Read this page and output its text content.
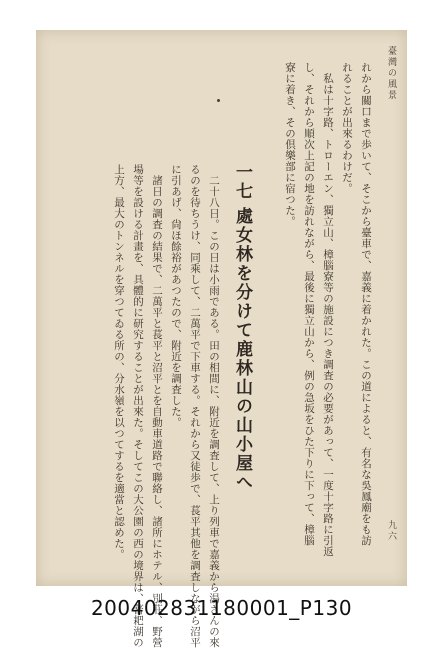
臺灣の風景
九六
れから關口まで歩いて、そこから臺車で、嘉義に着かれた。この道によると、有名な吳鳳廟をも訪
れることが出來るわけだ。
私は十字路、トローエン、獨立山、樟腦寮等の施設につき調査の必要があって、一度十字路に引返
し、それから順次上記の地を訪れながら、最後に獨立山から、例の急坂をひた下りに下って、樟腦
寮に着き、その倶樂部に宿つた。
一七
處女林を分けて鹿林山の山小屋へ
二十八日。この日は小雨である。田の相間に、附近を調査して、上り列車で嘉義から湯さんの來
るのを待ちうけ、同乘して、二萬平で下車する。それから又徒歩で、萇平其他を調査しながら沼平
に引あげ、尙ほ餘裕があつたので、附近を調査した。
諸日の調査の結果で、二萬平と萇平と沼平とを自動車道路で聯絡し、諸所にホテル、別莊、野營
場等を設ける計畫を、具體的に研究することが出來た。そしてこの大公園の西の境界は、蕃耙湖の
上方、最大のトンネルを穿つてゐる所の、分水嶺を以つてするを適當と認めた。
200402831180001_P130
